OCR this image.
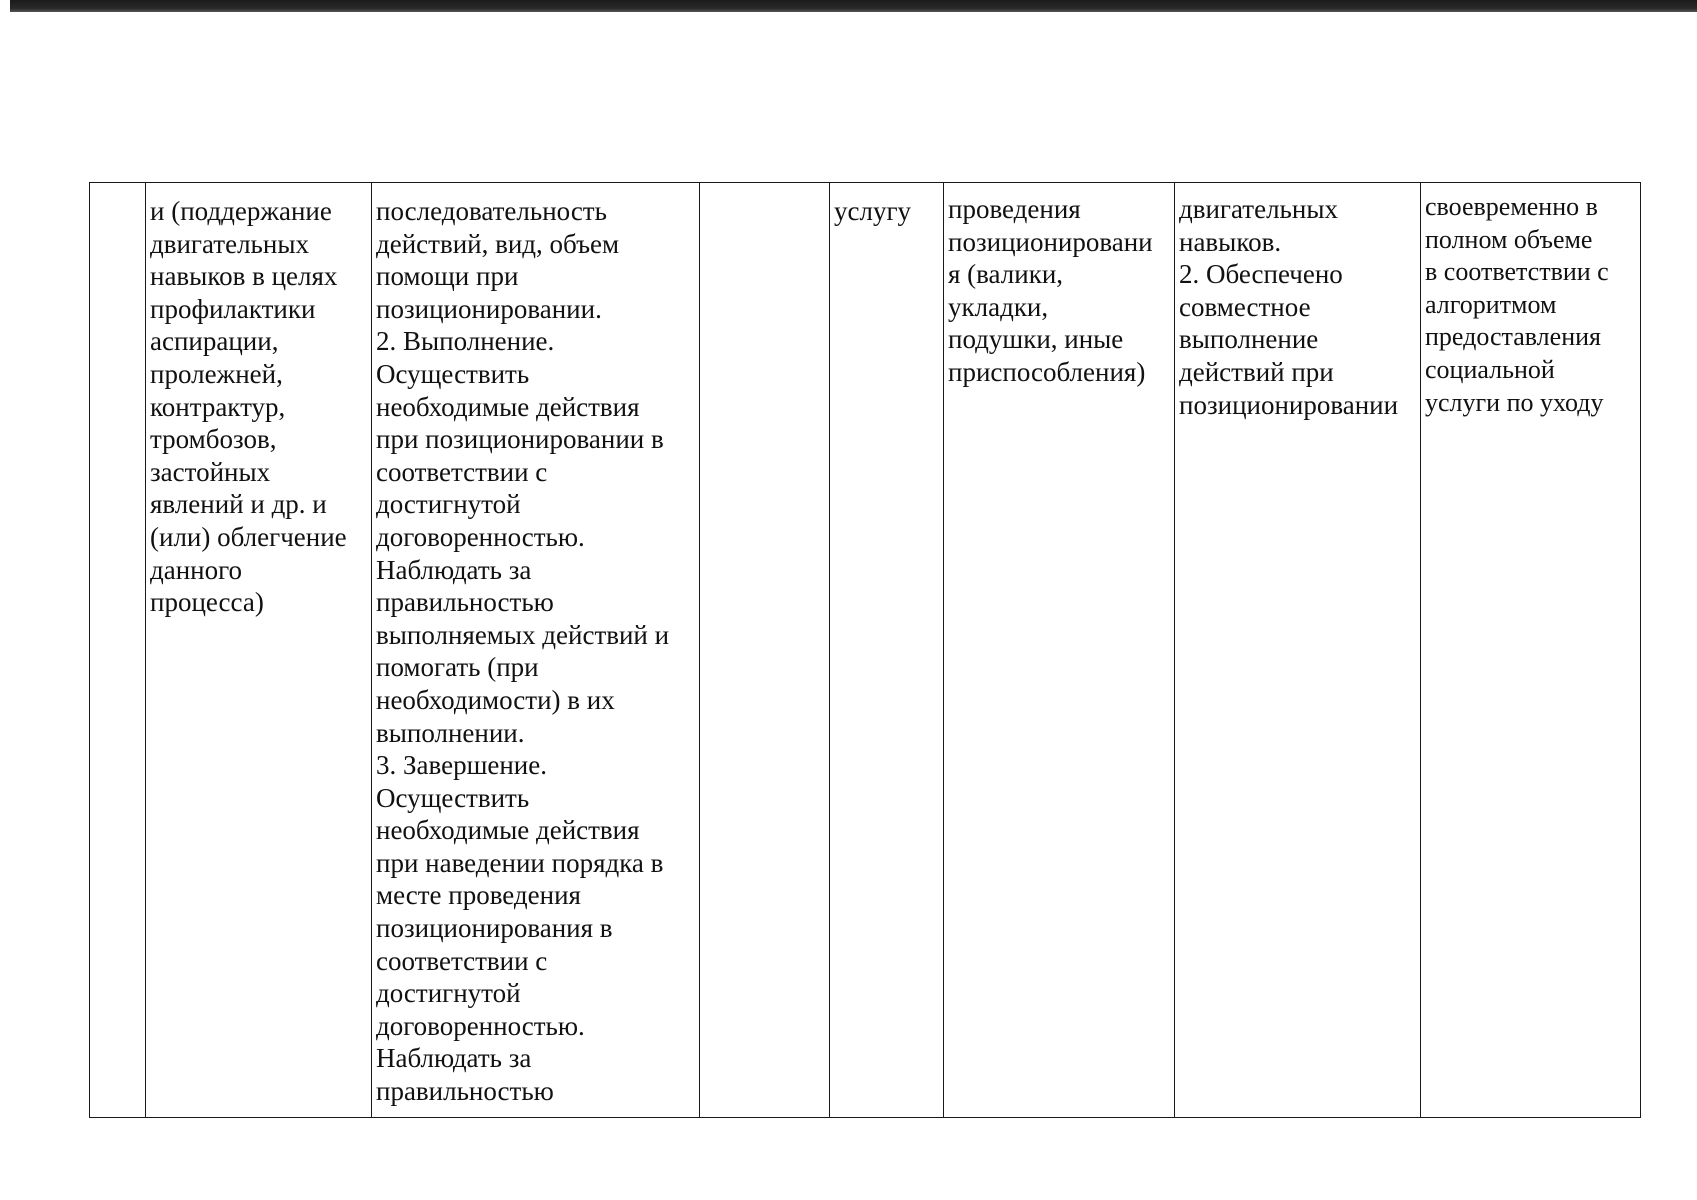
	и (поддержание
двигательных
навыков в целях
профилактики
аспирации,
пролежней,
контрактур,
тромбозов,
застойных
явлений и др. и
(или) облегчение
данного
процесса)	последовательность
действий, вид, объем
помощи при
позиционировании.
2. Выполнение.
Осуществить
необходимые действия
при позиционировании в
соответствии с
достигнутой
договоренностью.
Наблюдать за
правильностью
выполняемых действий и
помогать (при
необходимости) в их
выполнении.
3. Завершение.
Осуществить
необходимые действия
при наведении порядка в
месте проведения
позиционирования в
соответствии с
достигнутой
договоренностью.
Наблюдать за
правильностью		услугу	проведения
позиционировани
я (валики,
укладки,
подушки, иные
приспособления)	двигательных
навыков.
2. Обеспечено
совместное
выполнение
действий при
позиционировании	своевременно в
полном объеме
в соответствии с
алгоритмом
предоставления
социальной
услуги по уходу
